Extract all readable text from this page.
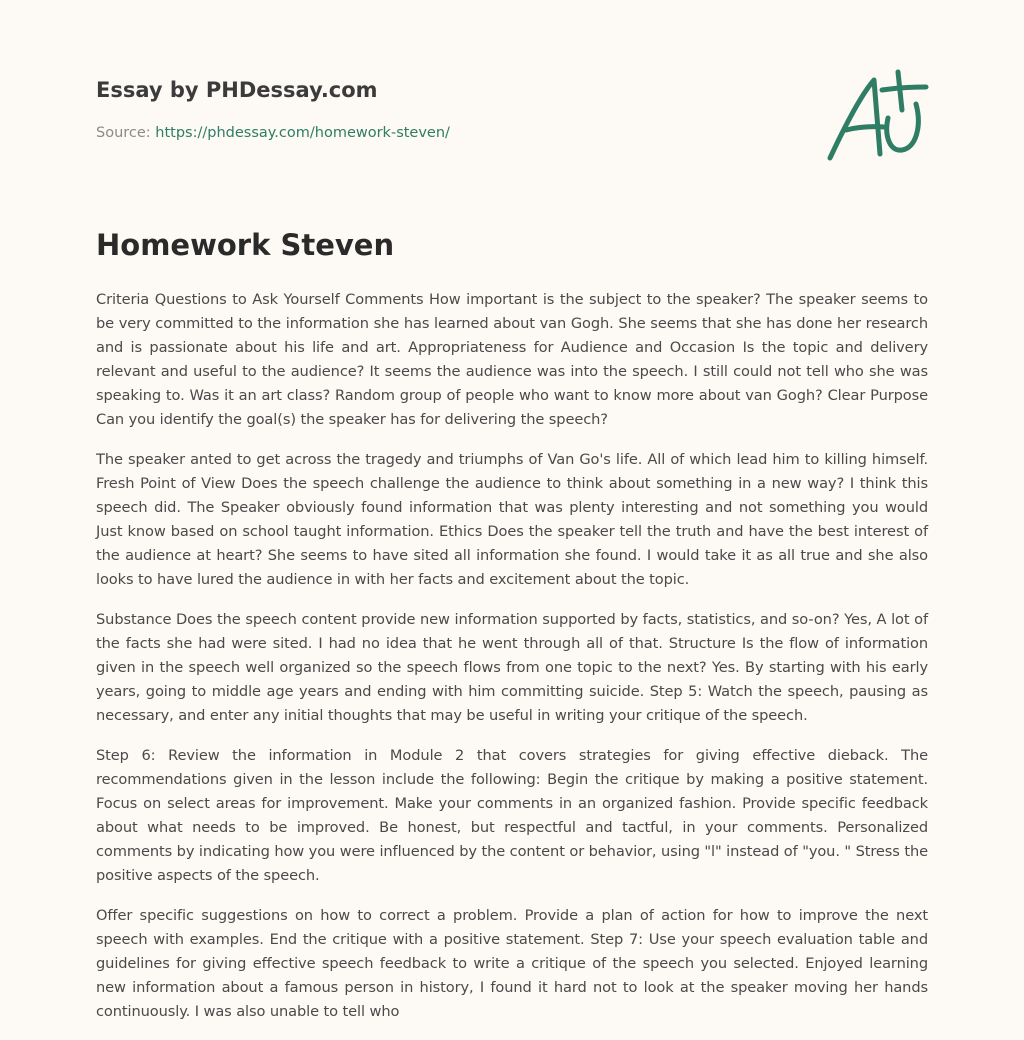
Essay by PHDessay.com
Source: https://phdessay.com/homework-steven/
Homework Steven

Criteria Questions to Ask Yourself Comments How important is the subject to the speaker? The speaker seems to be very committed to the information she has learned about van Gogh. She seems that she has done her research and is passionate about his life and art. Appropriateness for Audience and Occasion Is the topic and delivery relevant and useful to the audience? It seems the audience was into the speech. I still could not tell who she was speaking to. Was it an art class? Random group of people who want to know more about van Gogh? Clear Purpose Can you identify the goal(s) the speaker has for delivering the speech?

The speaker anted to get across the tragedy and triumphs of Van Go's life. All of which lead him to killing himself. Fresh Point of View Does the speech challenge the audience to think about something in a new way? I think this speech did. The Speaker obviously found information that was plenty interesting and not something you would Just know based on school taught information. Ethics Does the speaker tell the truth and have the best interest of the audience at heart? She seems to have sited all information she found. I would take it as all true and she also looks to have lured the audience in with her facts and excitement about the topic.

Substance Does the speech content provide new information supported by facts, statistics, and so-on? Yes, A lot of the facts she had were sited. I had no idea that he went through all of that. Structure Is the flow of information given in the speech well organized so the speech flows from one topic to the next? Yes. By starting with his early years, going to middle age years and ending with him committing suicide. Step 5: Watch the speech, pausing as necessary, and enter any initial thoughts that may be useful in writing your critique of the speech.

Step 6: Review the information in Module 2 that covers strategies for giving effective dieback. The recommendations given in the lesson include the following: Begin the critique by making a positive statement. Focus on select areas for improvement. Make your comments in an organized fashion. Provide specific feedback about what needs to be improved. Be honest, but respectful and tactful, in your comments. Personalized comments by indicating how you were influenced by the content or behavior, using "l" instead of "you. " Stress the positive aspects of the speech.

Offer specific suggestions on how to correct a problem. Provide a plan of action for how to improve the next speech with examples. End the critique with a positive statement. Step 7: Use your speech evaluation table and guidelines for giving effective speech feedback to write a critique of the speech you selected. Enjoyed learning new information about a famous person in history, I found it hard not to look at the speaker moving her hands continuously. I was also unable to tell who
